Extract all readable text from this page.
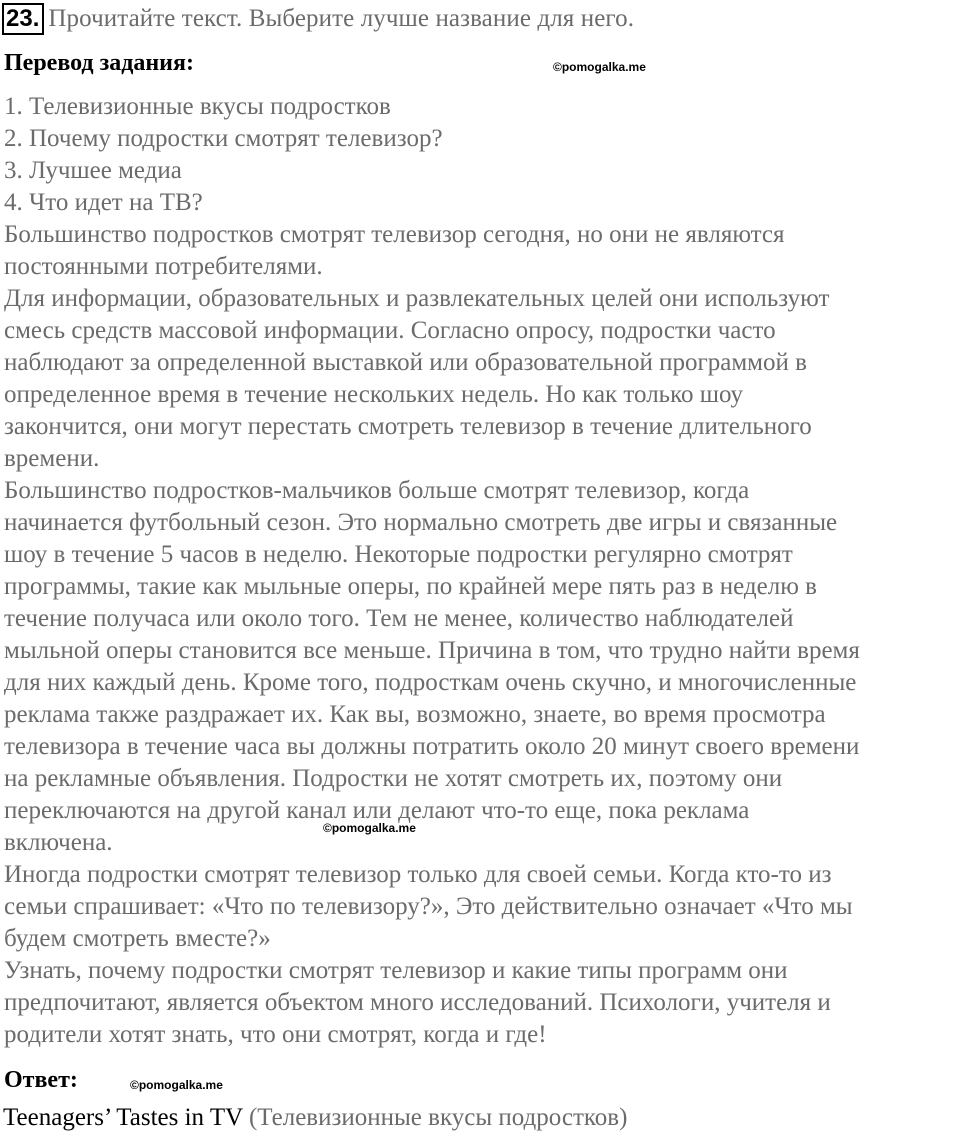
23. Прочитайте текст. Выберите лучше название для него.
Перевод задания:	©pomogalka.me
1. Телевизионные вкусы подростков
2. Почему подростки смотрят телевизор?
3. Лучшее медиа
4. Что идет на ТВ?
Большинство подростков смотрят телевизор сегодня, но они не являются
постоянными потребителями.
Для информации, образовательных и развлекательных целей они используют
смесь средств массовой информации. Согласно опросу, подростки часто
наблюдают за определенной выставкой или образовательной программой в
определенное время в течение нескольких недель. Но как только шоу
закончится, они могут перестать смотреть телевизор в течение длительного
времени.
Большинство подростков-мальчиков больше смотрят телевизор, когда
начинается футбольный сезон. Это нормально смотреть две игры и связанные
шоу в течение 5 часов в неделю. Некоторые подростки регулярно смотрят
программы, такие как мыльные оперы, по крайней мере пять раз в неделю в
течение получаса или около того. Тем не менее, количество наблюдателей
мыльной оперы становится все меньше. Причина в том, что трудно найти время
для них каждый день. Кроме того, подросткам очень скучно, и многочисленные
реклама также раздражает их. Как вы, возможно, знаете, во время просмотра
телевизора в течение часа вы должны потратить около 20 минут своего времени
на рекламные объявления. Подростки не хотят смотреть их, поэтому они
переключаются на другой канал или делают что-то еще, пока реклама
включена.
Иногда подростки смотрят телевизор только для своей семьи. Когда кто-то из
семьи спрашивает: «Что по телевизору?», Это действительно означает «Что мы
будем смотреть вместе?»
Узнать, почему подростки смотрят телевизор и какие типы программ они
предпочитают, является объектом много исследований. Психологи, учителя и
родители хотят знать, что они смотрят, когда и где!
©pomogalka.me
Ответ:	©pomogalka.me
Teenagers’ Tastes in TV (Телевизионные вкусы подростков)
